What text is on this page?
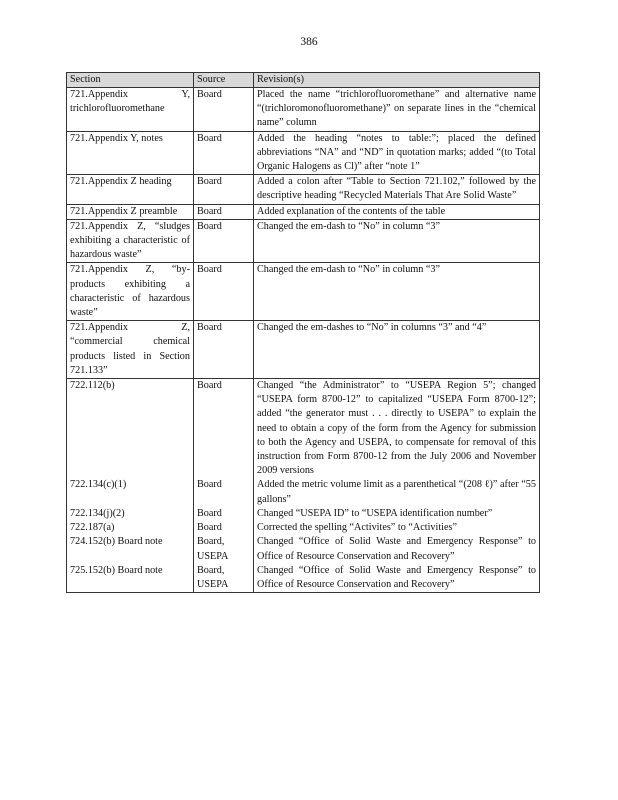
386
Section	Source	Revision(s)
721.Appendix Y, trichlorofluoromethane	Board	Placed the name “trichlorofluoromethane” and alternative name “(trichloromonofluoromethane)” on separate lines in the “chemical name” column
721.Appendix Y, notes	Board	Added the heading “notes to table:”; placed the defined abbreviations “NA” and “ND” in quotation marks; added “(to Total Organic Halogens as Cl)” after “note 1”
721.Appendix Z heading	Board	Added a colon after “Table to Section 721.102,” followed by the descriptive heading “Recycled Materials That Are Solid Waste”
721.Appendix Z preamble	Board	Added explanation of the contents of the table
721.Appendix Z, “sludges exhibiting a characteristic of hazardous waste”	Board	Changed the em-dash to “No” in column “3”
721.Appendix Z, “by-products exhibiting a characteristic of hazardous waste”	Board	Changed the em-dash to “No” in column “3”
721.Appendix Z, “commercial chemical products listed in Section 721.133”	Board	Changed the em-dashes to “No” in columns “3” and “4”
722.112(b)	Board	Changed “the Administrator” to “USEPA Region 5”; changed “USEPA form 8700-12” to capitalized “USEPA Form 8700-12”; added “the generator must . . . directly to USEPA” to explain the need to obtain a copy of the form from the Agency for submission to both the Agency and USEPA, to compensate for removal of this instruction from Form 8700-12 from the July 2006 and November 2009 versions
722.134(c)(1)	Board	Added the metric volume limit as a parenthetical “(208 ℓ)” after “55 gallons”
722.134(j)(2)	Board	Changed “USEPA ID” to “USEPA identification number”
722.187(a)	Board	Corrected the spelling “Activites” to “Activities”
724.152(b) Board note	Board, USEPA	Changed “Office of Solid Waste and Emergency Response” to Office of Resource Conservation and Recovery”
725.152(b) Board note	Board, USEPA	Changed “Office of Solid Waste and Emergency Response” to Office of Resource Conservation and Recovery”
